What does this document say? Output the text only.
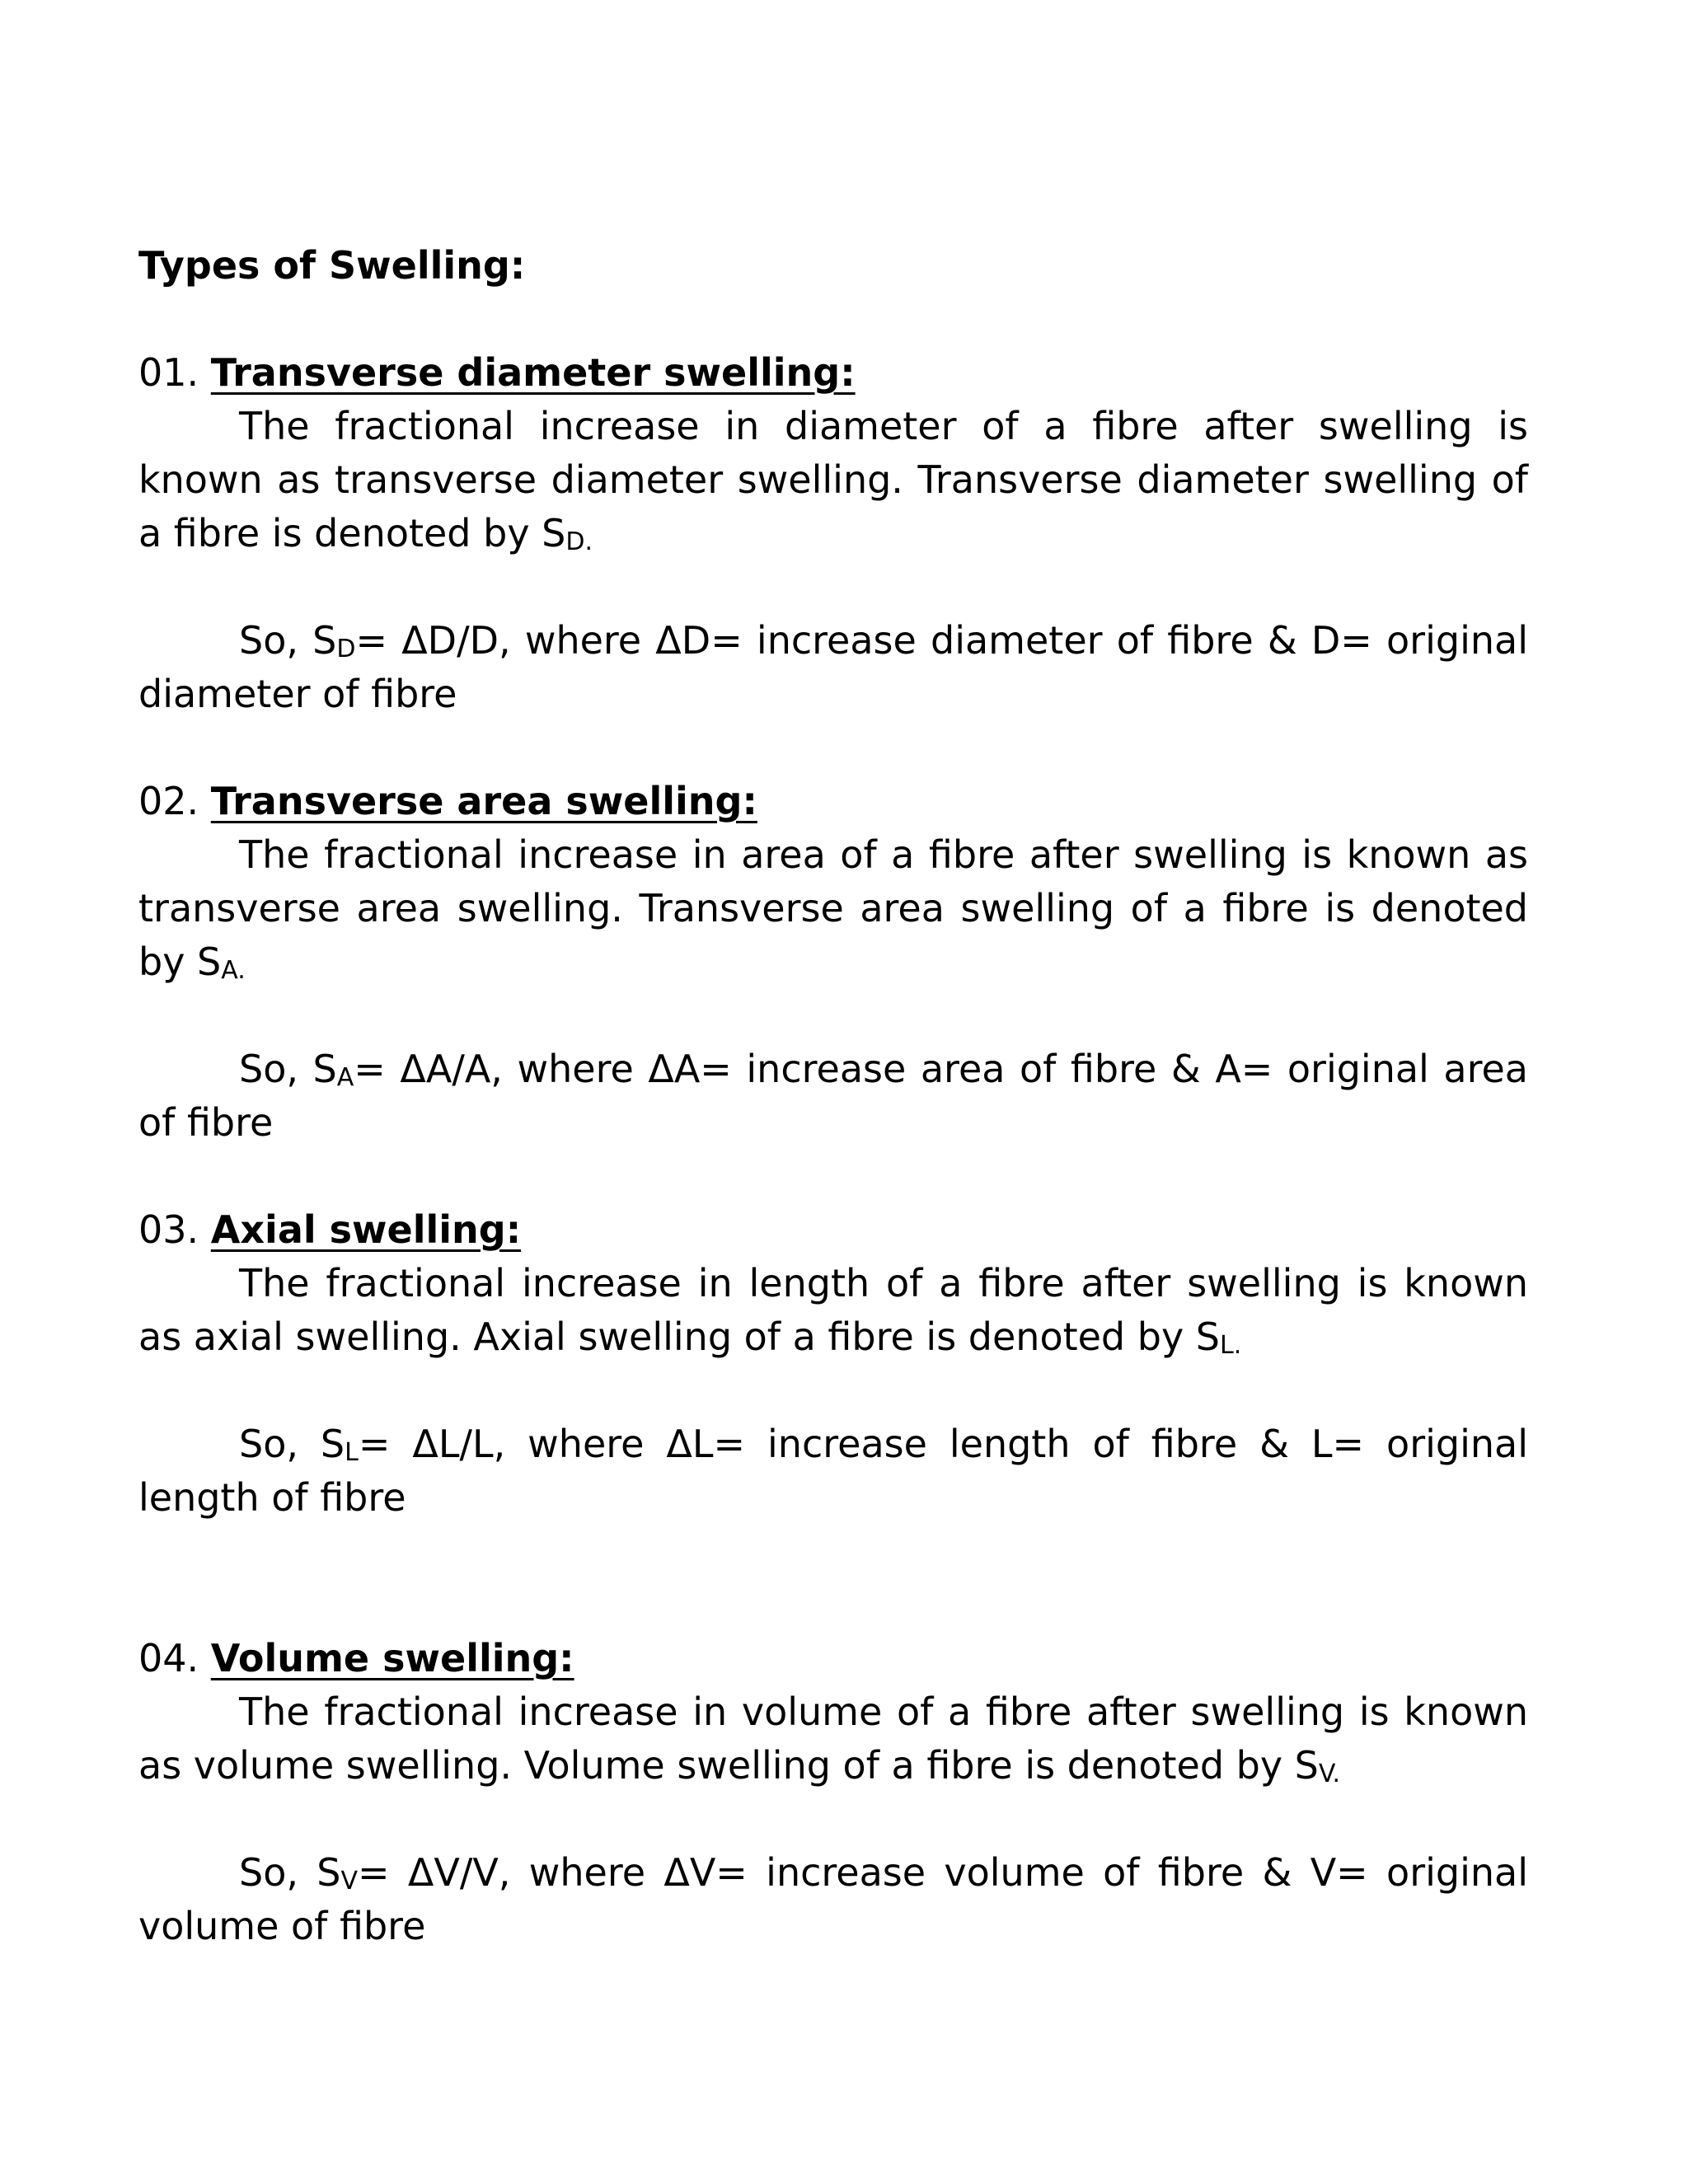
Types of Swelling:

01. Transverse diameter swelling:

The fractional increase in diameter of a fibre after swelling is known as transverse diameter swelling. Transverse diameter swelling of a fibre is denoted by $S_{D.}$

So, $S_D= \Delta D/D$, where ΔD= increase diameter of fibre & D= original diameter of fibre

02. Transverse area swelling:

The fractional increase in area of a fibre after swelling is known as transverse area swelling. Transverse area swelling of a fibre is denoted by $S_{A.}$

So, $S_A= \Delta A/A$, where ΔA= increase area of fibre & A= original area of fibre

03. Axial swelling:

The fractional increase in length of a fibre after swelling is known as axial swelling. Axial swelling of a fibre is denoted by $S_{L.}$

So, $S_L= \Delta L/L$, where ΔL= increase length of fibre & L= original length of fibre

04. Volume swelling:

The fractional increase in volume of a fibre after swelling is known as volume swelling. Volume swelling of a fibre is denoted by $S_{V.}$

So, $S_V= \Delta V/V$, where ΔV= increase volume of fibre & V= original volume of fibre
